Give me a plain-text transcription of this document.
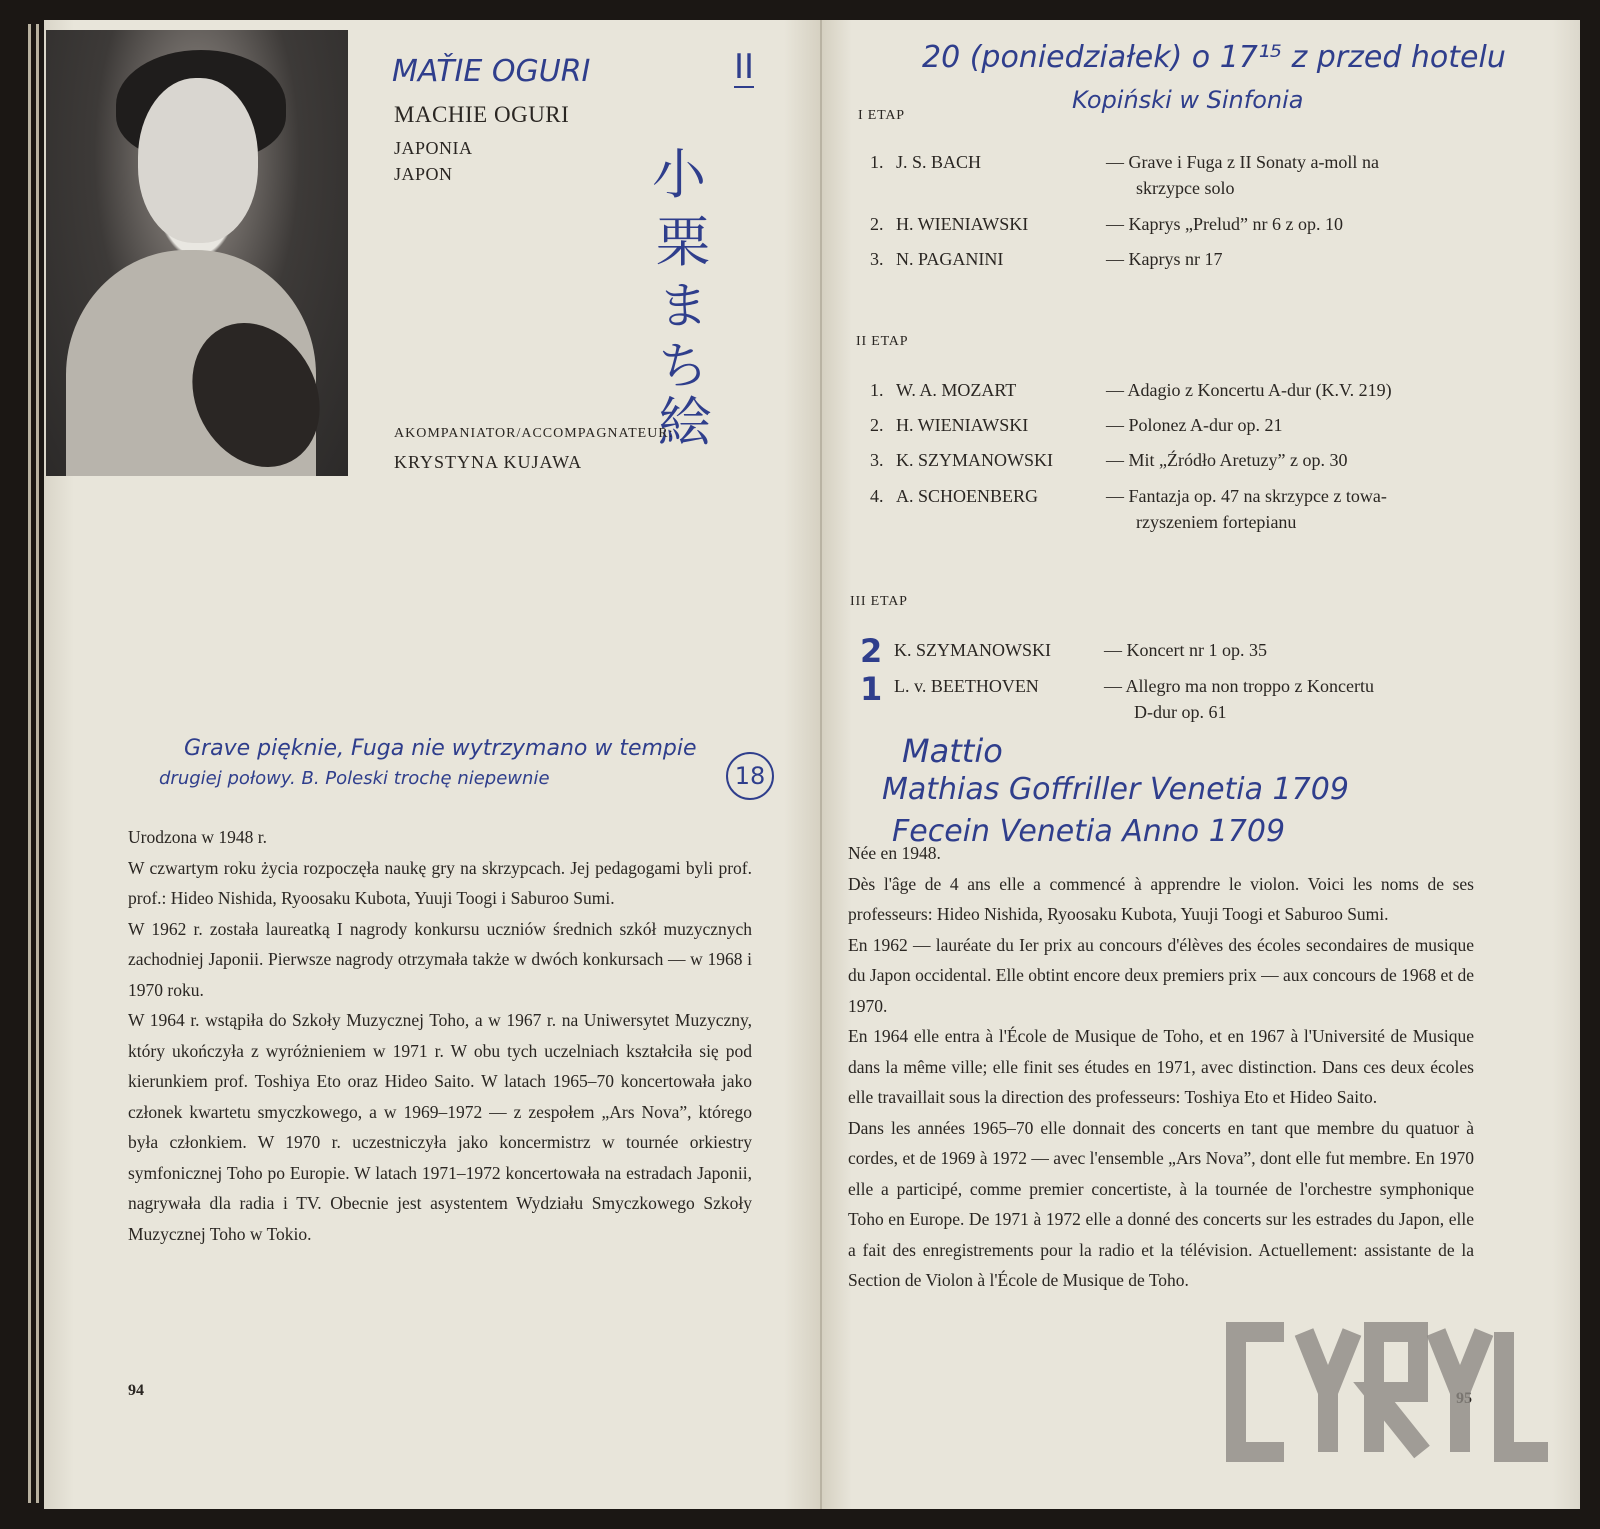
MAŤIE OGURI
MACHIE OGURI
JAPONIA
JAPON
II
小
栗
ま
ち
絵
AKOMPANIATOR/ACCOMPAGNATEUR:
KRYSTYNA KUJAWA
Grave pięknie, Fuga nie wytrzymano w tempie
drugiej połowy. B. Poleski trochę niepewnie	18
Urodzona w 1948 r.
W czwartym roku życia rozpoczęła naukę gry na skrzypcach. Jej pedagogami byli prof. prof.: Hideo Nishida, Ryoosaku Kubota, Yuuji Toogi i Saburoo Sumi.
W 1962 r. została laureatką I nagrody konkursu uczniów średnich szkół muzycznych zachodniej Japonii. Pierwsze nagrody otrzymała także w dwóch konkursach — w 1968 i 1970 roku.
W 1964 r. wstąpiła do Szkoły Muzycznej Toho, a w 1967 r. na Uniwersytet Muzyczny, który ukończyła z wyróżnieniem w 1971 r. W obu tych uczelniach kształciła się pod kierunkiem prof. Toshiya Eto oraz Hideo Saito. W latach 1965–70 koncertowała jako członek kwartetu smyczkowego, a w 1969–1972 — z zespołem „Ars Nova”, którego była członkiem. W 1970 r. uczestniczyła jako koncermistrz w tournée orkiestry symfonicznej Toho po Europie. W latach 1971–1972 koncertowała na estradach Japonii, nagrywała dla radia i TV. Obecnie jest asystentem Wydziału Smyczkowego Szkoły Muzycznej Toho w Tokio.
94
20 (poniedziałek) o 17¹⁵ z przed hotelu
Kopiński w Sinfonia
I ETAP
1. J. S. BACH	— Grave i Fuga z II Sonaty a-moll na
skrzypce solo
2. H. WIENIAWSKI	— Kaprys „Prelud” nr 6 z op. 10
3. N. PAGANINI	— Kaprys nr 17
II ETAP
1. W. A. MOZART	— Adagio z Koncertu A-dur (K.V. 219)
2. H. WIENIAWSKI	— Polonez A-dur op. 21
3. K. SZYMANOWSKI	— Mit „Źródło Aretuzy” z op. 30
4. A. SCHOENBERG	— Fantazja op. 47 na skrzypce z towa-
rzyszeniem fortepianu
III ETAP
2
1
K. SZYMANOWSKI	— Koncert nr 1 op. 35
L. v. BEETHOVEN	— Allegro ma non troppo z Koncertu
D-dur op. 61
Mattio
Mathias Goffriller Venetia 1709
Fecein Venetia Anno 1709
Née en 1948.
Dès l'âge de 4 ans elle a commencé à apprendre le violon. Voici les noms de ses professeurs: Hideo Nishida, Ryoosaku Kubota, Yuuji Toogi et Saburoo Sumi.
En 1962 — lauréate du Ier prix au concours d'élèves des écoles secondaires de musique du Japon occidental. Elle obtint encore deux premiers prix — aux concours de 1968 et de 1970.
En 1964 elle entra à l'École de Musique de Toho, et en 1967 à l'Université de Musique dans la même ville; elle finit ses études en 1971, avec distinction. Dans ces deux écoles elle travaillait sous la direction des professeurs: Toshiya Eto et Hideo Saito.
Dans les années 1965–70 elle donnait des concerts en tant que membre du quatuor à cordes, et de 1969 à 1972 — avec l'ensemble „Ars Nova”, dont elle fut membre. En 1970 elle a participé, comme premier concertiste, à la tournée de l'orchestre symphonique Toho en Europe. De 1971 à 1972 elle a donné des concerts sur les estrades du Japon, elle a fait des enregistrements pour la radio et la télévision. Actuellement: assistante de la Section de Violon à l'École de Musique de Toho.
95
